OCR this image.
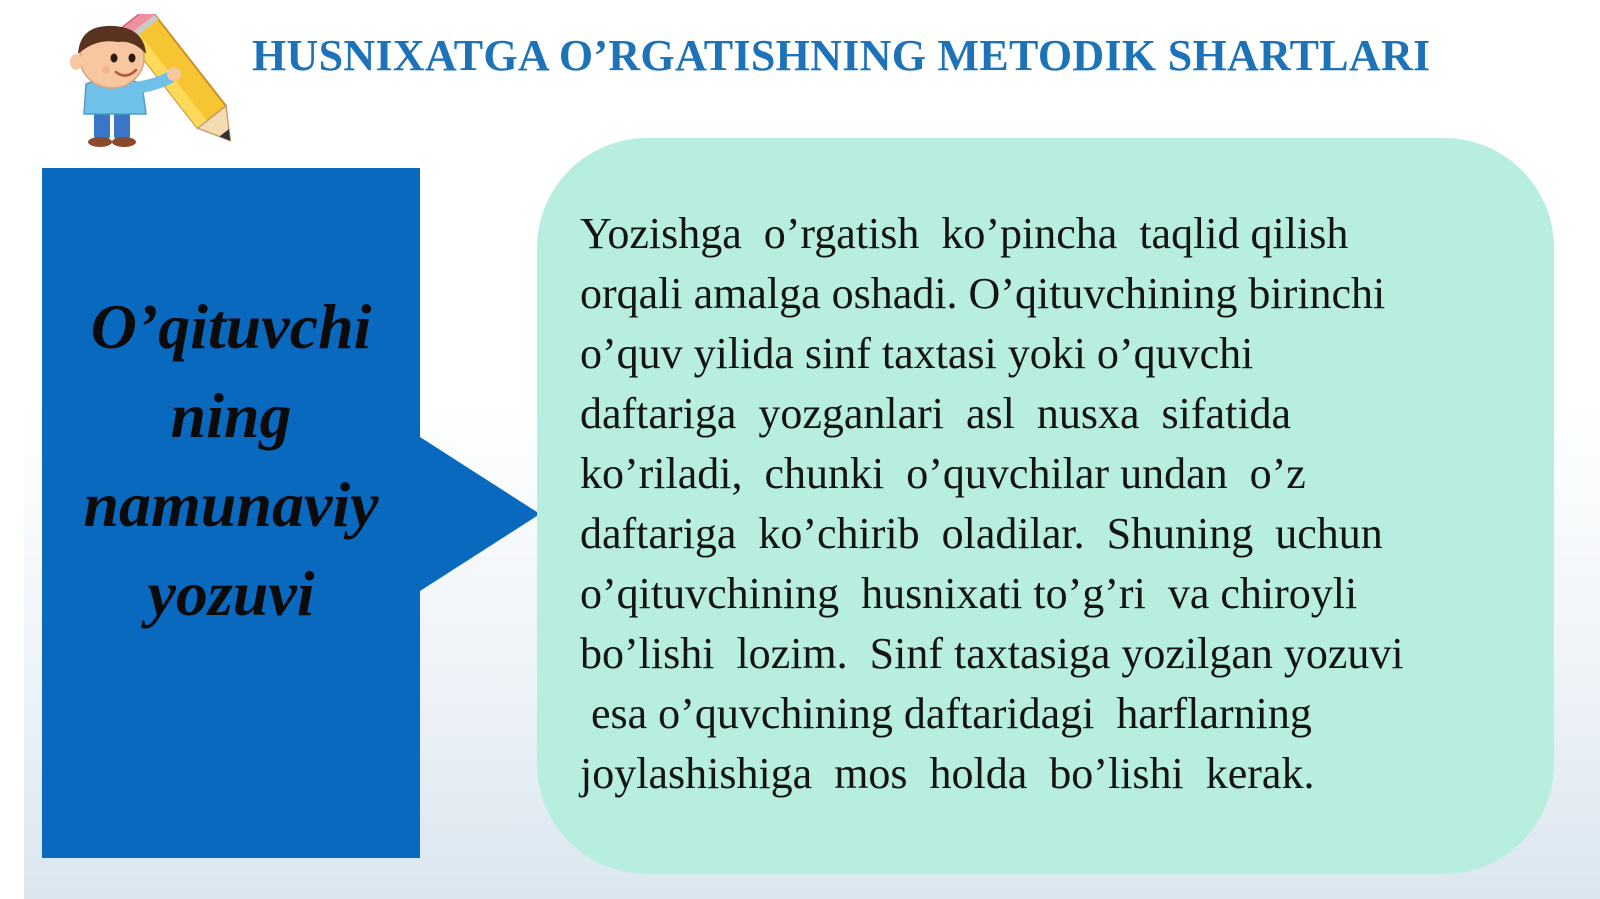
HUSNIXATGA O’RGATISHNING METODIK SHARTLARI
O’qituvchi
ning
namunaviy
yozuvi
Yozishga  o’rgatish  ko’pincha  taqlid qilish
orqali amalga oshadi. O’qituvchining birinchi
o’quv yilida sinf taxtasi yoki o’quvchi
daftariga  yozganlari  asl  nusxa  sifatida
ko’riladi,  chunki  o’quvchilar undan  o’z
daftariga  ko’chirib  oladilar.  Shuning  uchun
o’qituvchining  husnixati to’g’ri  va chiroyli
bo’lishi  lozim.  Sinf taxtasiga yozilgan yozuvi
esa o’quvchining daftaridagi  harflarning
joylashishiga  mos  holda  bo’lishi  kerak.
